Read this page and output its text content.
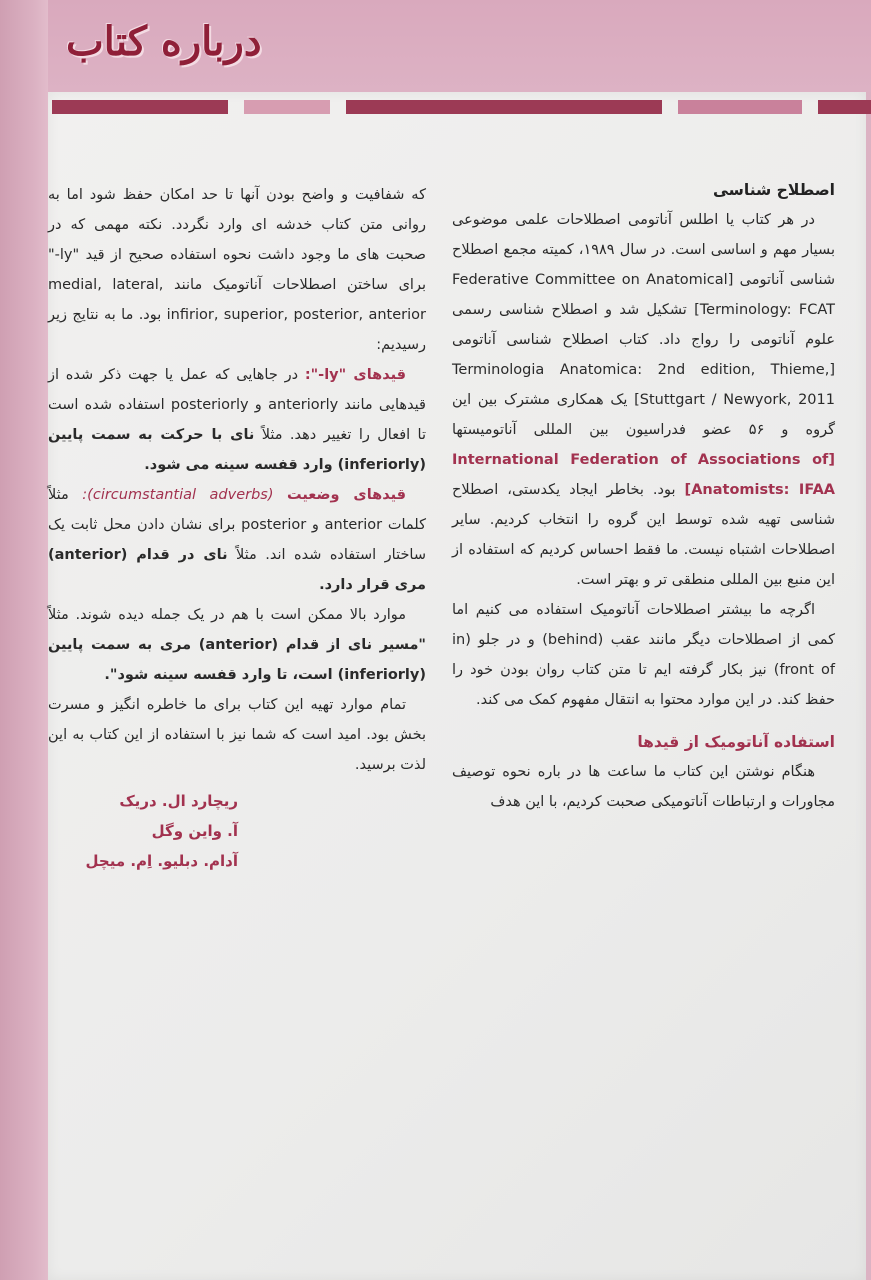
درباره کتاب
اصطلاح شناسی

در هر کتاب یا اطلس آناتومی اصطلاحات علمی موضوعی بسیار مهم و اساسی است. در سال ۱۹۸۹، کمیته مجمع اصطلاح شناسی آناتومی [Federative Committee on Anatomical Terminology: FCAT] تشکیل شد و اصطلاح شناسی رسمی علوم آناتومی را رواج داد. کتاب اصطلاح شناسی آناتومی [Terminologia Anatomica: 2nd edition, Thieme, Stuttgart / Newyork, 2011] یک همکاری مشترک بین این گروه و ۵۶ عضو فدراسیون بین المللی آناتومیستها [International Federation of Associations of Anatomists: IFAA] بود. بخاطر ایجاد یکدستی، اصطلاح شناسی تهیه شده توسط این گروه را انتخاب کردیم. سایر اصطلاحات اشتباه نیست. ما فقط احساس کردیم که استفاده از این منبع بین المللی منطقی تر و بهتر است.

اگرچه ما بیشتر اصطلاحات آناتومیک استفاده می کنیم اما کمی از اصطلاحات دیگر مانند عقب (behind) و در جلو (in front of) نیز بکار گرفته ایم تا متن کتاب روان بودن خود را حفظ کند. در این موارد محتوا به انتقال مفهوم کمک می کند.

استفاده آناتومیک از قیدها

هنگام نوشتن این کتاب ما ساعت ها در باره نحوه توصیف مجاورات و ارتباطات آناتومیکی صحبت کردیم، با این هدف

که شفافیت و واضح بودن آنها تا حد امکان حفظ شود اما به روانی متن کتاب خدشه ای وارد نگردد. نکته مهمی که در صحبت های ما وجود داشت نحوه استفاده صحیح از قید "ly-" برای ساختن اصطلاحات آناتومیک مانند medial, lateral, infirior, superior, posterior, anterior بود. ما به نتایج زیر رسیدیم:

قیدهای "ly-": در جاهایی که عمل یا جهت ذکر شده از قیدهایی مانند anteriorly و posteriorly استفاده شده است تا افعال را تغییر دهد. مثلاً نای با حرکت به سمت پایین (inferiorly) وارد قفسه سینه می شود.

قیدهای وضعیت (circumstantial adverbs): مثلاً کلمات anterior و posterior برای نشان دادن محل ثابت یک ساختار استفاده شده اند. مثلاً نای در قدام (anterior) مری قرار دارد.

موارد بالا ممکن است با هم در یک جمله دیده شوند. مثلاً "مسیر نای از قدام (anterior) مری به سمت پایین (inferiorly) است، تا وارد قفسه سینه شود".

تمام موارد تهیه این کتاب برای ما خاطره انگیز و مسرت بخش بود. امید است که شما نیز با استفاده از این کتاب به این لذت برسید.

ریچارد ال. دریک
آ. واین وگل
آدام. دبلیو. اِم. میچل
